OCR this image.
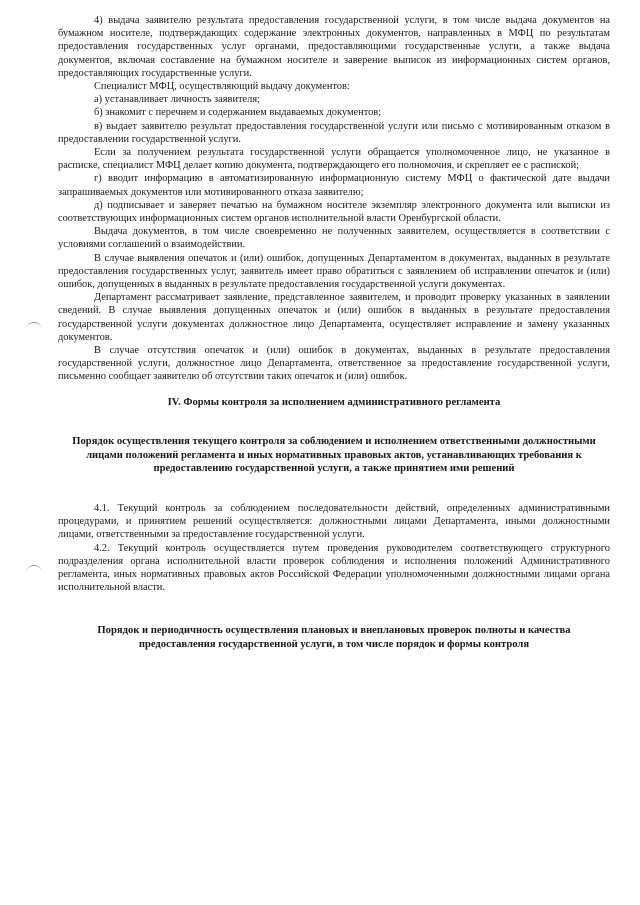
4) выдача заявителю результата предоставления государственной услуги, в том числе выдача документов на бумажном носителе, подтверждающих содержание электронных документов, направленных в МФЦ по результатам предоставления государственных услуг органами, предоставляющими государственные услуги, а также выдача документов, включая составление на бумажном носителе и заверение выписок из информационных систем органов, предоставляющих государственные услуги.

Специалист МФЦ, осуществляющий выдачу документов:

а) устанавливает личность заявителя;

б) знакомит с перечнем и содержанием выдаваемых документов;

в) выдает заявителю результат предоставления государственной услуги или письмо с мотивированным отказом в предоставлении государственной услуги.

Если за получением результата государственной услуги обращается уполномоченное лицо, не указанное в расписке, специалист МФЦ делает копию документа, подтверждающего его полномочия, и скрепляет ее с распиской;

г) вводит информацию в автоматизированную информационную систему МФЦ о фактической дате выдачи запрашиваемых документов или мотивированного отказа заявителю;

д) подписывает и заверяет печатью на бумажном носителе экземпляр электронного документа или выписки из соответствующих информационных систем органов исполнительной власти Оренбургской области.

Выдача документов, в том числе своевременно не полученных заявителем, осуществляется в соответствии с условиями соглашений о взаимодействии.

В случае выявления опечаток и (или) ошибок, допущенных Департаментом в документах, выданных в результате предоставления государственных услуг, заявитель имеет право обратиться с заявлением об исправлении опечаток и (или) ошибок, допущенных в выданных в результате предоставления государственной услуги документах.

Департамент рассматривает заявление, представленное заявителем, и проводит проверку указанных в заявлении сведений. В случае выявления допущенных опечаток и (или) ошибок в выданных в результате предоставления государственной услуги документах должностное лицо Департамента, осуществляет исправление и замену указанных документов.

В случае отсутствия опечаток и (или) ошибок в документах, выданных в результате предоставления государственной услуги, должностное лицо Департамента, ответственное за предоставление государственной услуги, письменно сообщает заявителю об отсутствии таких опечаток и (или) ошибок.

IV. Формы контроля за исполнением административного регламента
Порядок осуществления текущего контроля за соблюдением и исполнением ответственными должностными лицами положений регламента и иных нормативных правовых актов, устанавливающих требования к предоставлению государственной услуги, а также принятием ими решений

4.1. Текущий контроль за соблюдением последовательности действий, определенных административными процедурами, и принятием решений осуществляется: должностными лицами Департамента, иными должностными лицами, ответственными за предоставление государственной услуги.

4.2. Текущий контроль осуществляется путем проведения руководителем соответствующего структурного подразделения органа исполнительной власти проверок соблюдения и исполнения положений Административного регламента, иных нормативных правовых актов Российской Федерации уполномоченными должностными лицами органа исполнительной власти.

Порядок и периодичность осуществления плановых и внеплановых проверок полноты и качества предоставления государственной услуги, в том числе порядок и формы контроля
